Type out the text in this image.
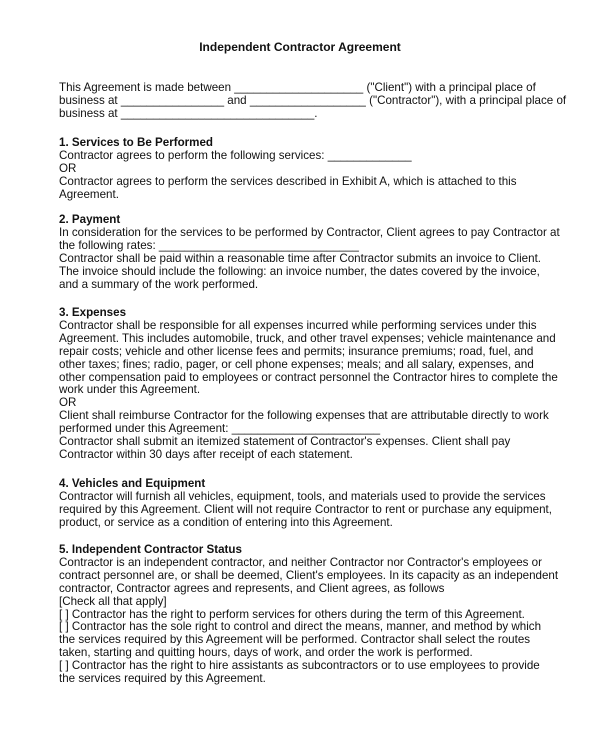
Independent Contractor Agreement
This Agreement is made between ____________________ ("Client") with a principal place of
business at ________________ and __________________ ("Contractor"), with a principal place of
business at ______________________________.
1. Services to Be Performed
Contractor agrees to perform the following services: _____________
OR
Contractor agrees to perform the services described in Exhibit A, which is attached to this
Agreement.
2. Payment
In consideration for the services to be performed by Contractor, Client agrees to pay Contractor at
the following rates: _______________________________
Contractor shall be paid within a reasonable time after Contractor submits an invoice to Client.
The invoice should include the following: an invoice number, the dates covered by the invoice,
and a summary of the work performed.
3. Expenses
Contractor shall be responsible for all expenses incurred while performing services under this
Agreement. This includes automobile, truck, and other travel expenses; vehicle maintenance and
repair costs; vehicle and other license fees and permits; insurance premiums; road, fuel, and
other taxes; fines; radio, pager, or cell phone expenses; meals; and all salary, expenses, and
other compensation paid to employees or contract personnel the Contractor hires to complete the
work under this Agreement.
OR
Client shall reimburse Contractor for the following expenses that are attributable directly to work
performed under this Agreement: _______________________
Contractor shall submit an itemized statement of Contractor's expenses. Client shall pay
Contractor within 30 days after receipt of each statement.
4. Vehicles and Equipment
Contractor will furnish all vehicles, equipment, tools, and materials used to provide the services
required by this Agreement. Client will not require Contractor to rent or purchase any equipment,
product, or service as a condition of entering into this Agreement.
5. Independent Contractor Status
Contractor is an independent contractor, and neither Contractor nor Contractor's employees or
contract personnel are, or shall be deemed, Client's employees. In its capacity as an independent
contractor, Contractor agrees and represents, and Client agrees, as follows
[Check all that apply]
[ ] Contractor has the right to perform services for others during the term of this Agreement.
[ ] Contractor has the sole right to control and direct the means, manner, and method by which
the services required by this Agreement will be performed. Contractor shall select the routes
taken, starting and quitting hours, days of work, and order the work is performed.
[ ] Contractor has the right to hire assistants as subcontractors or to use employees to provide
the services required by this Agreement.
